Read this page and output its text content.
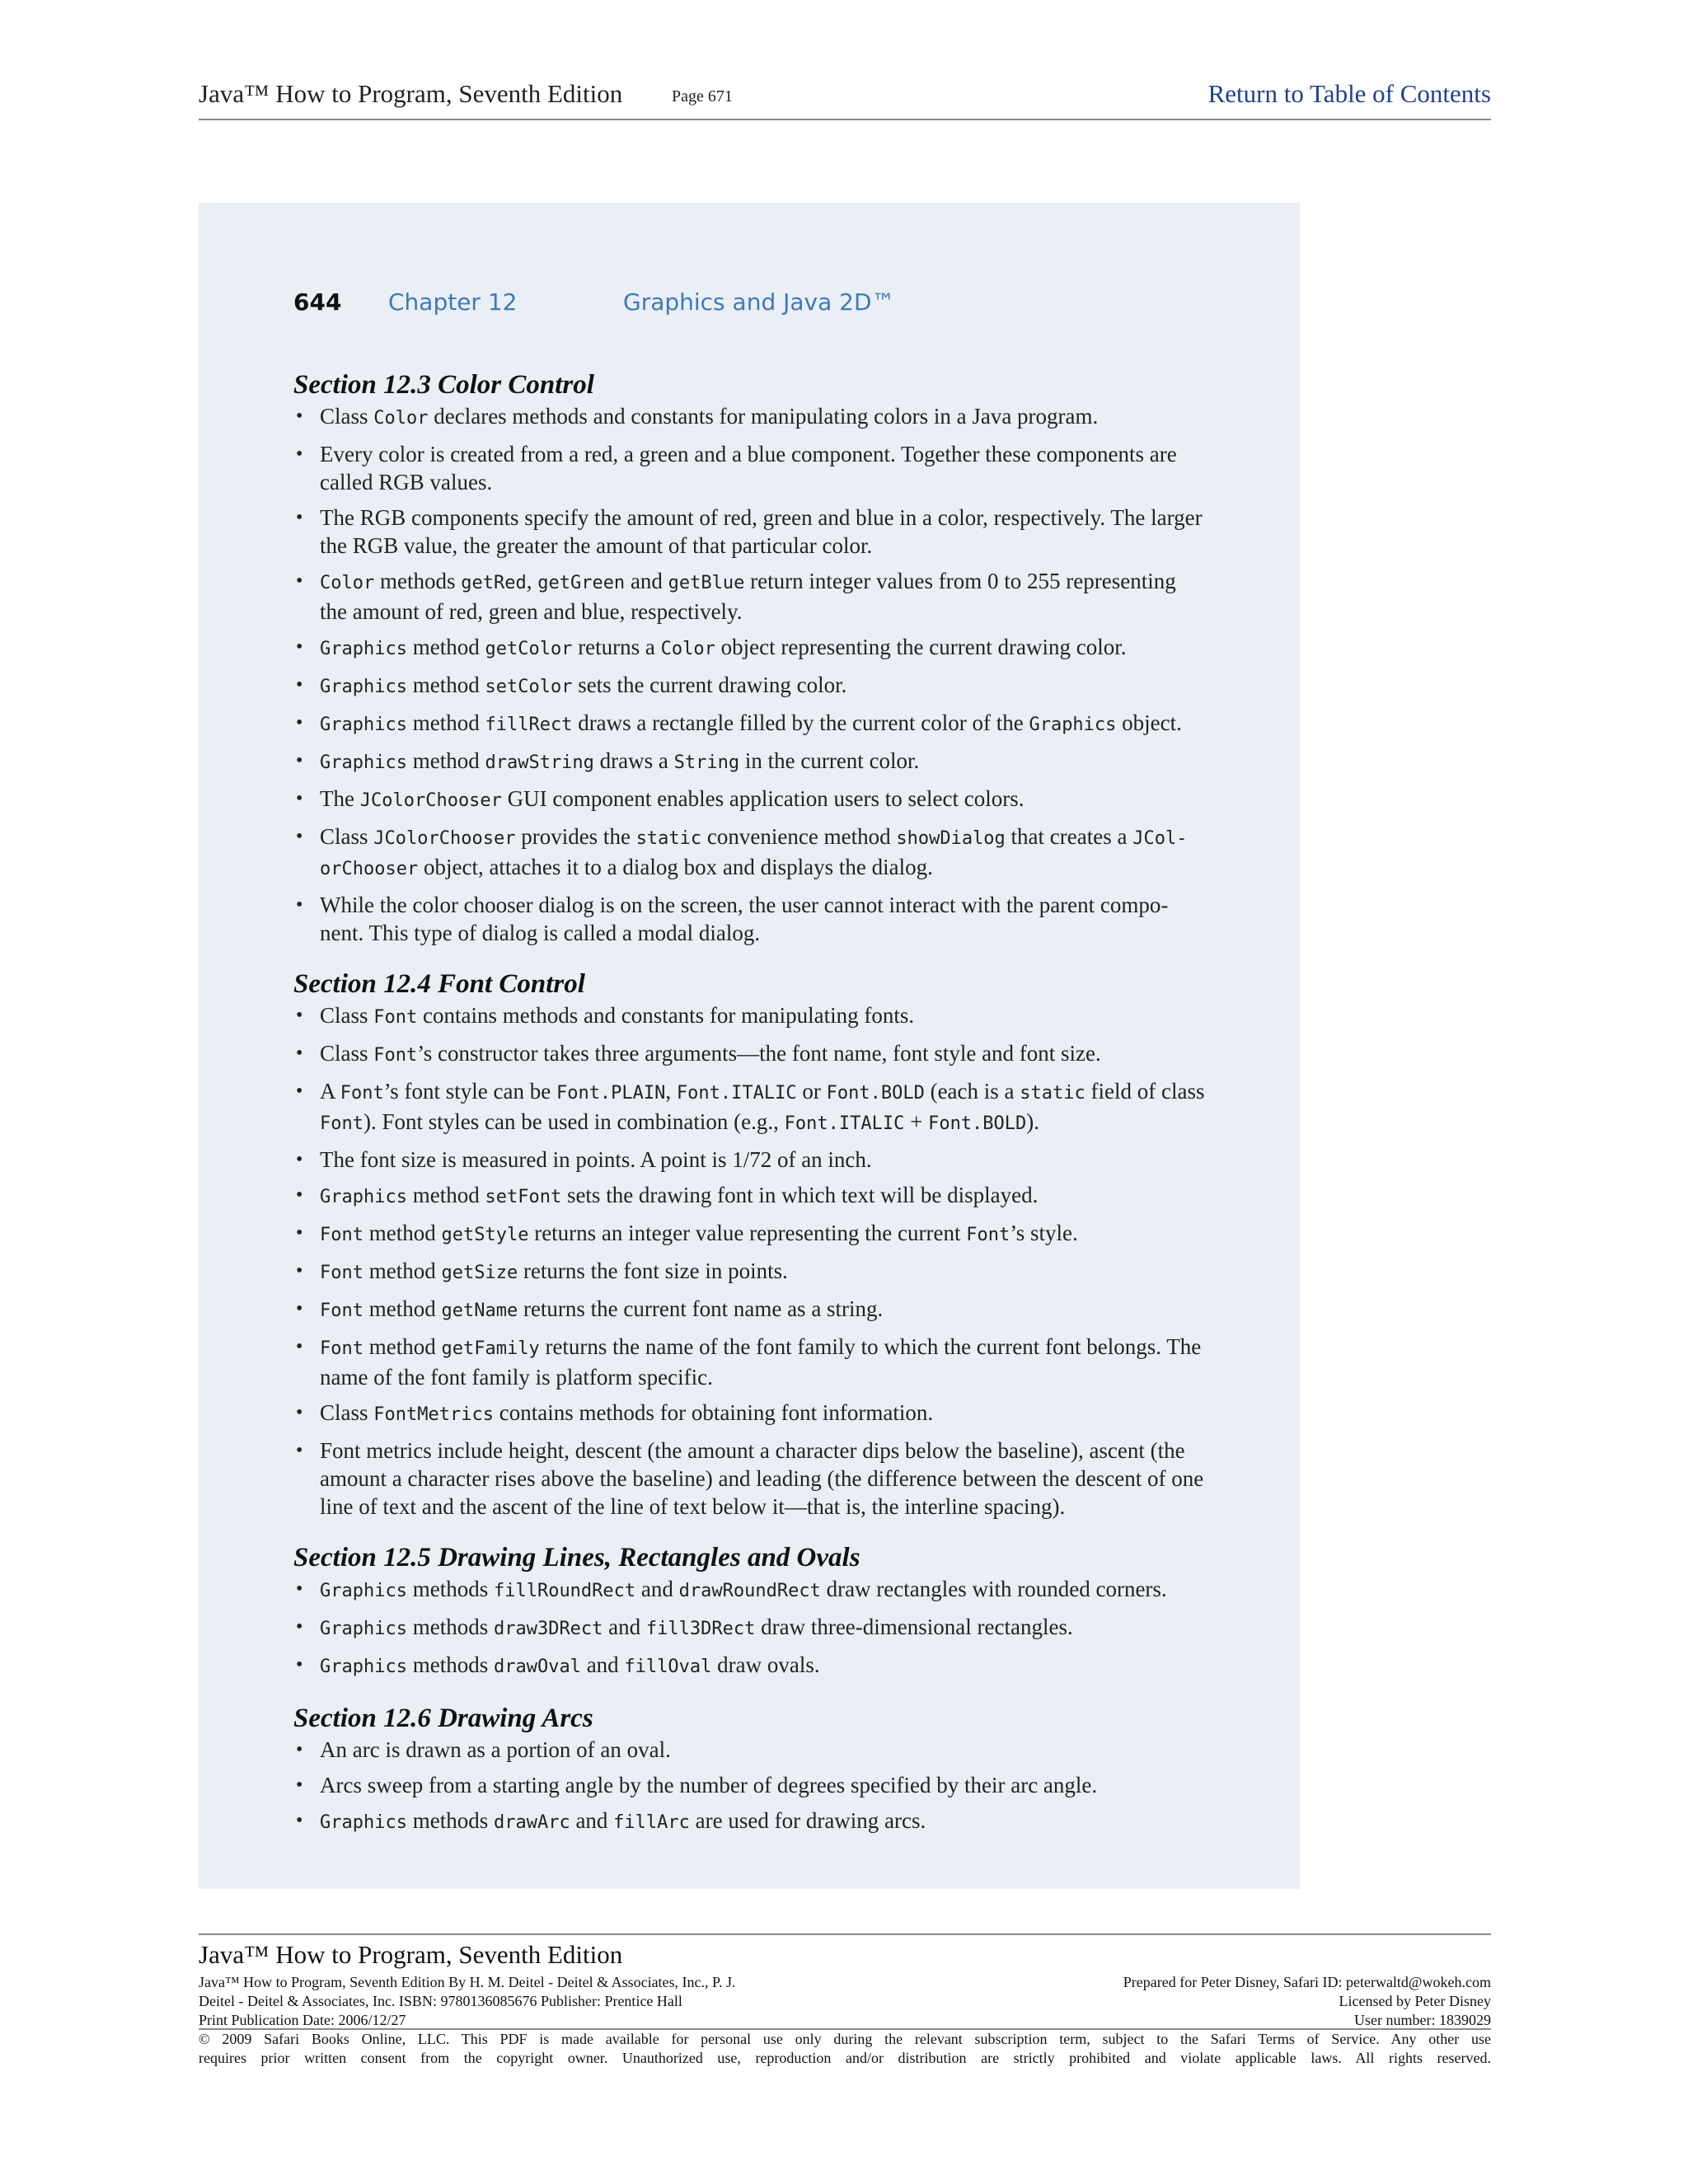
Java™ How to Program, Seventh Edition	Page 671	Return to Table of Contents
644 Chapter 12	Graphics and Java 2D™
Section 12.3 Color Control
• Class Color declares methods and constants for manipulating colors in a Java program.
• Every color is created from a red, a green and a blue component. Together these components are called RGB values.
• The RGB components specify the amount of red, green and blue in a color, respectively. The larger the RGB value, the greater the amount of that particular color.
• Color methods getRed, getGreen and getBlue return integer values from 0 to 255 representing the amount of red, green and blue, respectively.
• Graphics method getColor returns a Color object representing the current drawing color.
• Graphics method setColor sets the current drawing color.
• Graphics method fillRect draws a rectangle filled by the current color of the Graphics object.
• Graphics method drawString draws a String in the current color.
• The JColorChooser GUI component enables application users to select colors.
• Class JColorChooser provides the static convenience method showDialog that creates a JCol-orChooser object, attaches it to a dialog box and displays the dialog.
• While the color chooser dialog is on the screen, the user cannot interact with the parent compo-nent. This type of dialog is called a modal dialog.
Section 12.4 Font Control
• Class Font contains methods and constants for manipulating fonts.
• Class Font’s constructor takes three arguments—the font name, font style and font size.
• A Font’s font style can be Font.PLAIN, Font.ITALIC or Font.BOLD (each is a static field of class Font). Font styles can be used in combination (e.g., Font.ITALIC + Font.BOLD).
• The font size is measured in points. A point is 1/72 of an inch.
• Graphics method setFont sets the drawing font in which text will be displayed.
• Font method getStyle returns an integer value representing the current Font’s style.
• Font method getSize returns the font size in points.
• Font method getName returns the current font name as a string.
• Font method getFamily returns the name of the font family to which the current font belongs. The name of the font family is platform specific.
• Class FontMetrics contains methods for obtaining font information.
• Font metrics include height, descent (the amount a character dips below the baseline), ascent (the amount a character rises above the baseline) and leading (the difference between the descent of one line of text and the ascent of the line of text below it—that is, the interline spacing).
Section 12.5 Drawing Lines, Rectangles and Ovals
• Graphics methods fillRoundRect and drawRoundRect draw rectangles with rounded corners.
• Graphics methods draw3DRect and fill3DRect draw three-dimensional rectangles.
• Graphics methods drawOval and fillOval draw ovals.
Section 12.6 Drawing Arcs
• An arc is drawn as a portion of an oval.
• Arcs sweep from a starting angle by the number of degrees specified by their arc angle.
• Graphics methods drawArc and fillArc are used for drawing arcs.
Java™ How to Program, Seventh Edition
Java™ How to Program, Seventh Edition By H. M. Deitel - Deitel & Associates, Inc., P. J.
Deitel - Deitel & Associates, Inc. ISBN: 9780136085676 Publisher: Prentice Hall
Print Publication Date: 2006/12/27
Prepared for Peter Disney, Safari ID: peterwaltd@wokeh.com
Licensed by Peter Disney
User number: 1839029
© 2009 Safari Books Online, LLC. This PDF is made available for personal use only during the relevant subscription term, subject to the Safari Terms of Service. Any other use
requires prior written consent from the copyright owner. Unauthorized use, reproduction and/or distribution are strictly prohibited and violate applicable laws. All rights reserved.
